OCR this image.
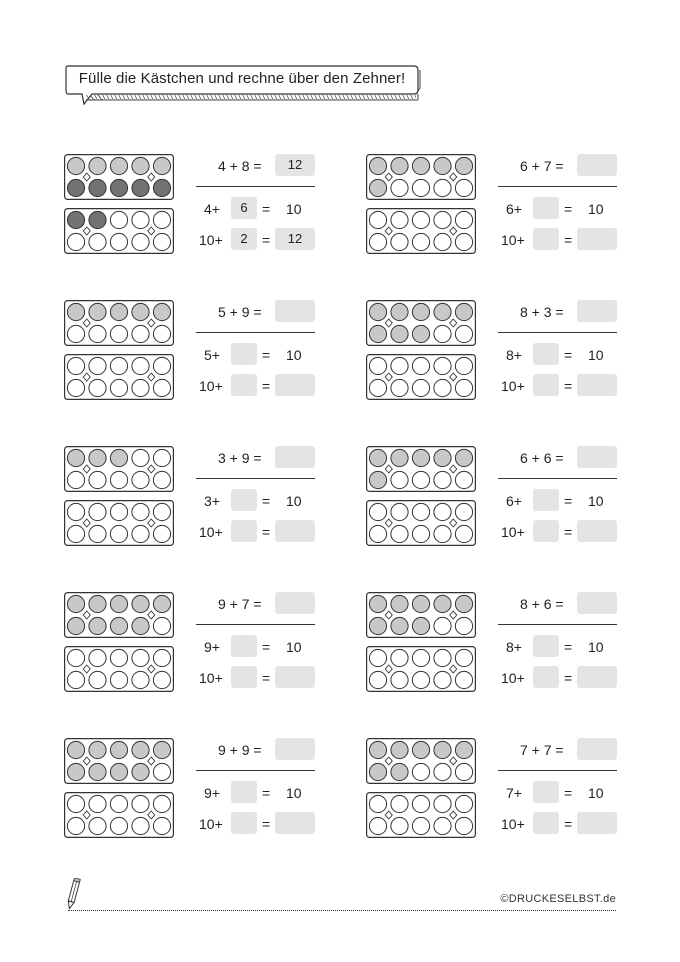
Fülle die Kästchen und rechne über den Zehner!
4 + 8 =	12
4+	6	= 10
10+	2	=	12
6 + 7 =
6+	= 10
10+	=
5 + 9 =
5+	= 10
10+	=
8 + 3 =
8+	= 10
10+	=
3 + 9 =
3+	= 10
10+	=
6 + 6 =
6+	= 10
10+	=
9 + 7 =
9+	= 10
10+	=
8 + 6 =
8+	= 10
10+	=
9 + 9 =
9+	= 10
10+	=
7 + 7 =
7+	= 10
10+	=
©DRUCKESELBST.de
